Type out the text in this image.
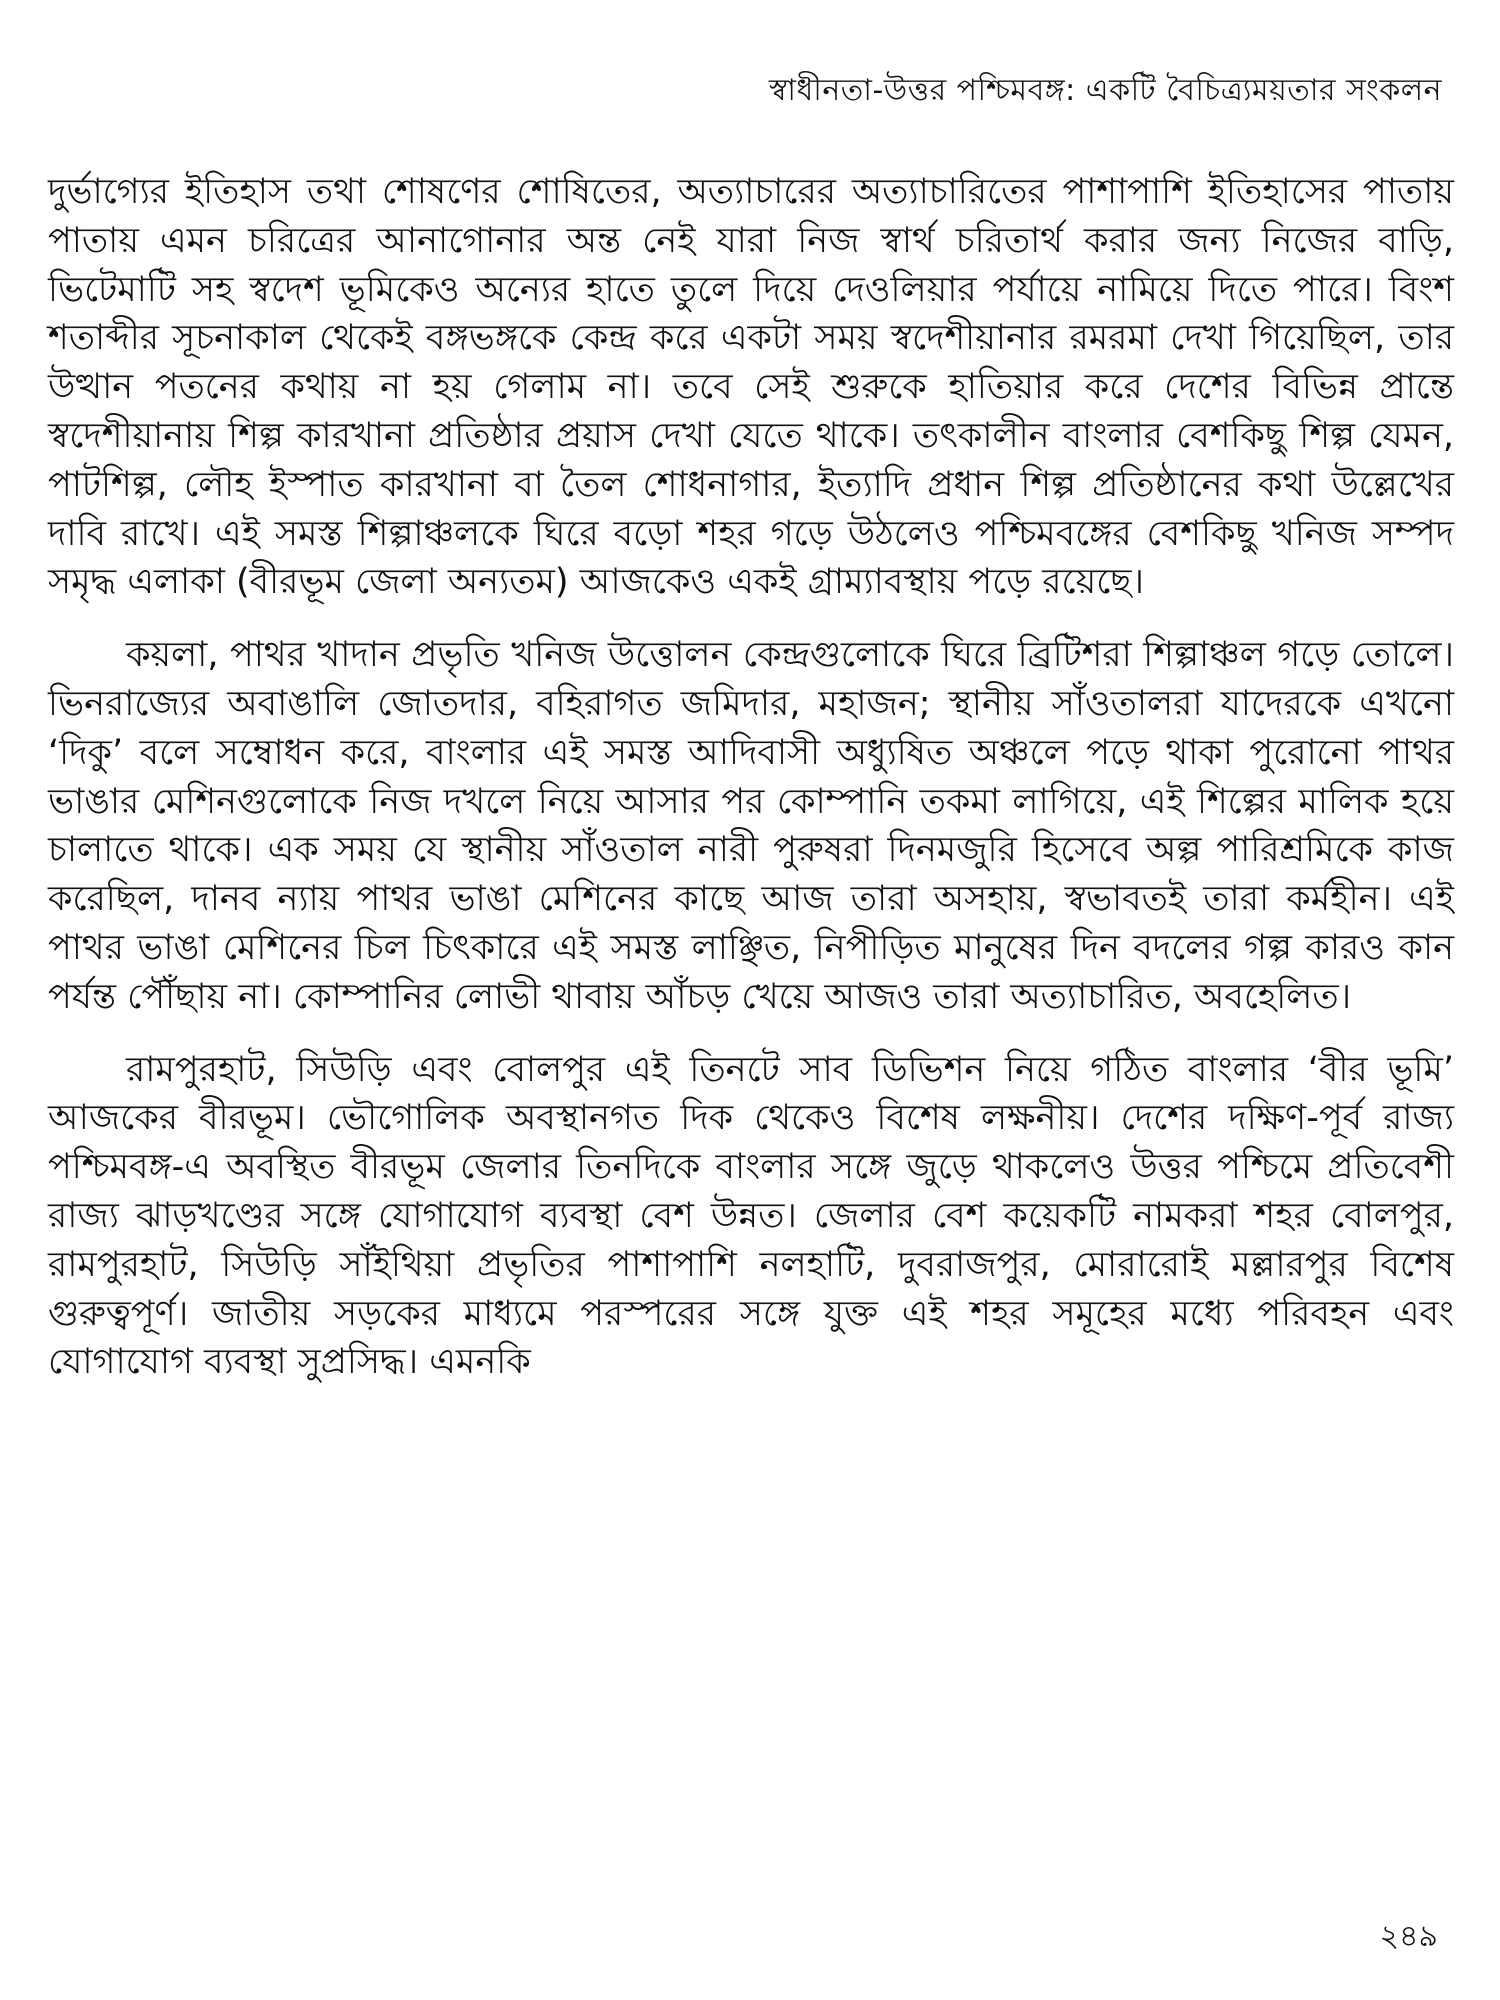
স্বাধীনতা-উত্তর পশ্চিমবঙ্গ: একটি বৈচিত্র্যময়তার সংকলন

দুর্ভাগ্যের ইতিহাস তথা শোষণের শোষিতের, অত্যাচারের অত্যাচারিতের পাশাপাশি ইতিহাসের পাতায় পাতায় এমন চরিত্রের আনাগোনার অন্ত নেই যারা নিজ স্বার্থ চরিতার্থ করার জন্য নিজের বাড়ি, ভিটেমাটি সহ স্বদেশ ভূমিকেও অন্যের হাতে তুলে দিয়ে দেওলিয়ার পর্যায়ে নামিয়ে দিতে পারে। বিংশ শতাব্দীর সূচনাকাল থেকেই বঙ্গভঙ্গকে কেন্দ্র করে একটা সময় স্বদেশীয়ানার রমরমা দেখা গিয়েছিল, তার উত্থান পতনের কথায় না হয় গেলাম না। তবে সেই শুরুকে হাতিয়ার করে দেশের বিভিন্ন প্রান্তে স্বদেশীয়ানায় শিল্প কারখানা প্রতিষ্ঠার প্রয়াস দেখা যেতে থাকে। তৎকালীন বাংলার বেশকিছু শিল্প যেমন, পাটশিল্প, লৌহ ইস্পাত কারখানা বা তৈল শোধনাগার, ইত্যাদি প্রধান শিল্প প্রতিষ্ঠানের কথা উল্লেখের দাবি রাখে। এই সমস্ত শিল্পাঞ্চলকে ঘিরে বড়ো শহর গড়ে উঠলেও পশ্চিমবঙ্গের বেশকিছু খনিজ সম্পদ সমৃদ্ধ এলাকা (বীরভূম জেলা অন্যতম) আজকেও একই গ্রাম্যাবস্থায় পড়ে রয়েছে।

কয়লা, পাথর খাদান প্রভৃতি খনিজ উত্তোলন কেন্দ্রগুলোকে ঘিরে ব্রিটিশরা শিল্পাঞ্চল গড়ে তোলে। ভিনরাজ্যের অবাঙালি জোতদার, বহিরাগত জমিদার, মহাজন; স্থানীয় সাঁওতালরা যাদেরকে এখনো ‘দিকু’ বলে সম্বোধন করে, বাংলার এই সমস্ত আদিবাসী অধ্যুষিত অঞ্চলে পড়ে থাকা পুরোনো পাথর ভাঙার মেশিনগুলোকে নিজ দখলে নিয়ে আসার পর কোম্পানি তকমা লাগিয়ে, এই শিল্পের মালিক হয়ে চালাতে থাকে। এক সময় যে স্থানীয় সাঁওতাল নারী পুরুষরা দিনমজুরি হিসেবে অল্প পারিশ্রমিকে কাজ করেছিল, দানব ন্যায় পাথর ভাঙা মেশিনের কাছে আজ তারা অসহায়, স্বভাবতই তারা কর্মহীন। এই পাথর ভাঙা মেশিনের চিল চিৎকারে এই সমস্ত লাঞ্ছিত, নিপীড়িত মানুষের দিন বদলের গল্প কারও কান পর্যন্ত পৌঁছায় না। কোম্পানির লোভী থাবায় আঁচড় খেয়ে আজও তারা অত্যাচারিত, অবহেলিত।

রামপুরহাট, সিউড়ি এবং বোলপুর এই তিনটে সাব ডিভিশন নিয়ে গঠিত বাংলার ‘বীর ভূমি’ আজকের বীরভূম। ভৌগোলিক অবস্থানগত দিক থেকেও বিশেষ লক্ষনীয়। দেশের দক্ষিণ-পূর্ব রাজ্য পশ্চিমবঙ্গ-এ অবস্থিত বীরভূম জেলার তিনদিকে বাংলার সঙ্গে জুড়ে থাকলেও উত্তর পশ্চিমে প্রতিবেশী রাজ্য ঝাড়খণ্ডের সঙ্গে যোগাযোগ ব্যবস্থা বেশ উন্নত। জেলার বেশ কয়েকটি নামকরা শহর বোলপুর, রামপুরহাট, সিউড়ি সাঁইথিয়া প্রভৃতির পাশাপাশি নলহাটি, দুবরাজপুর, মোরারোই মল্লারপুর বিশেষ গুরুত্বপূর্ণ। জাতীয় সড়কের মাধ্যমে পরস্পরের সঙ্গে যুক্ত এই শহর সমূহের মধ্যে পরিবহন এবং যোগাযোগ ব্যবস্থা সুপ্রসিদ্ধ। এমনকি

২৪৯
